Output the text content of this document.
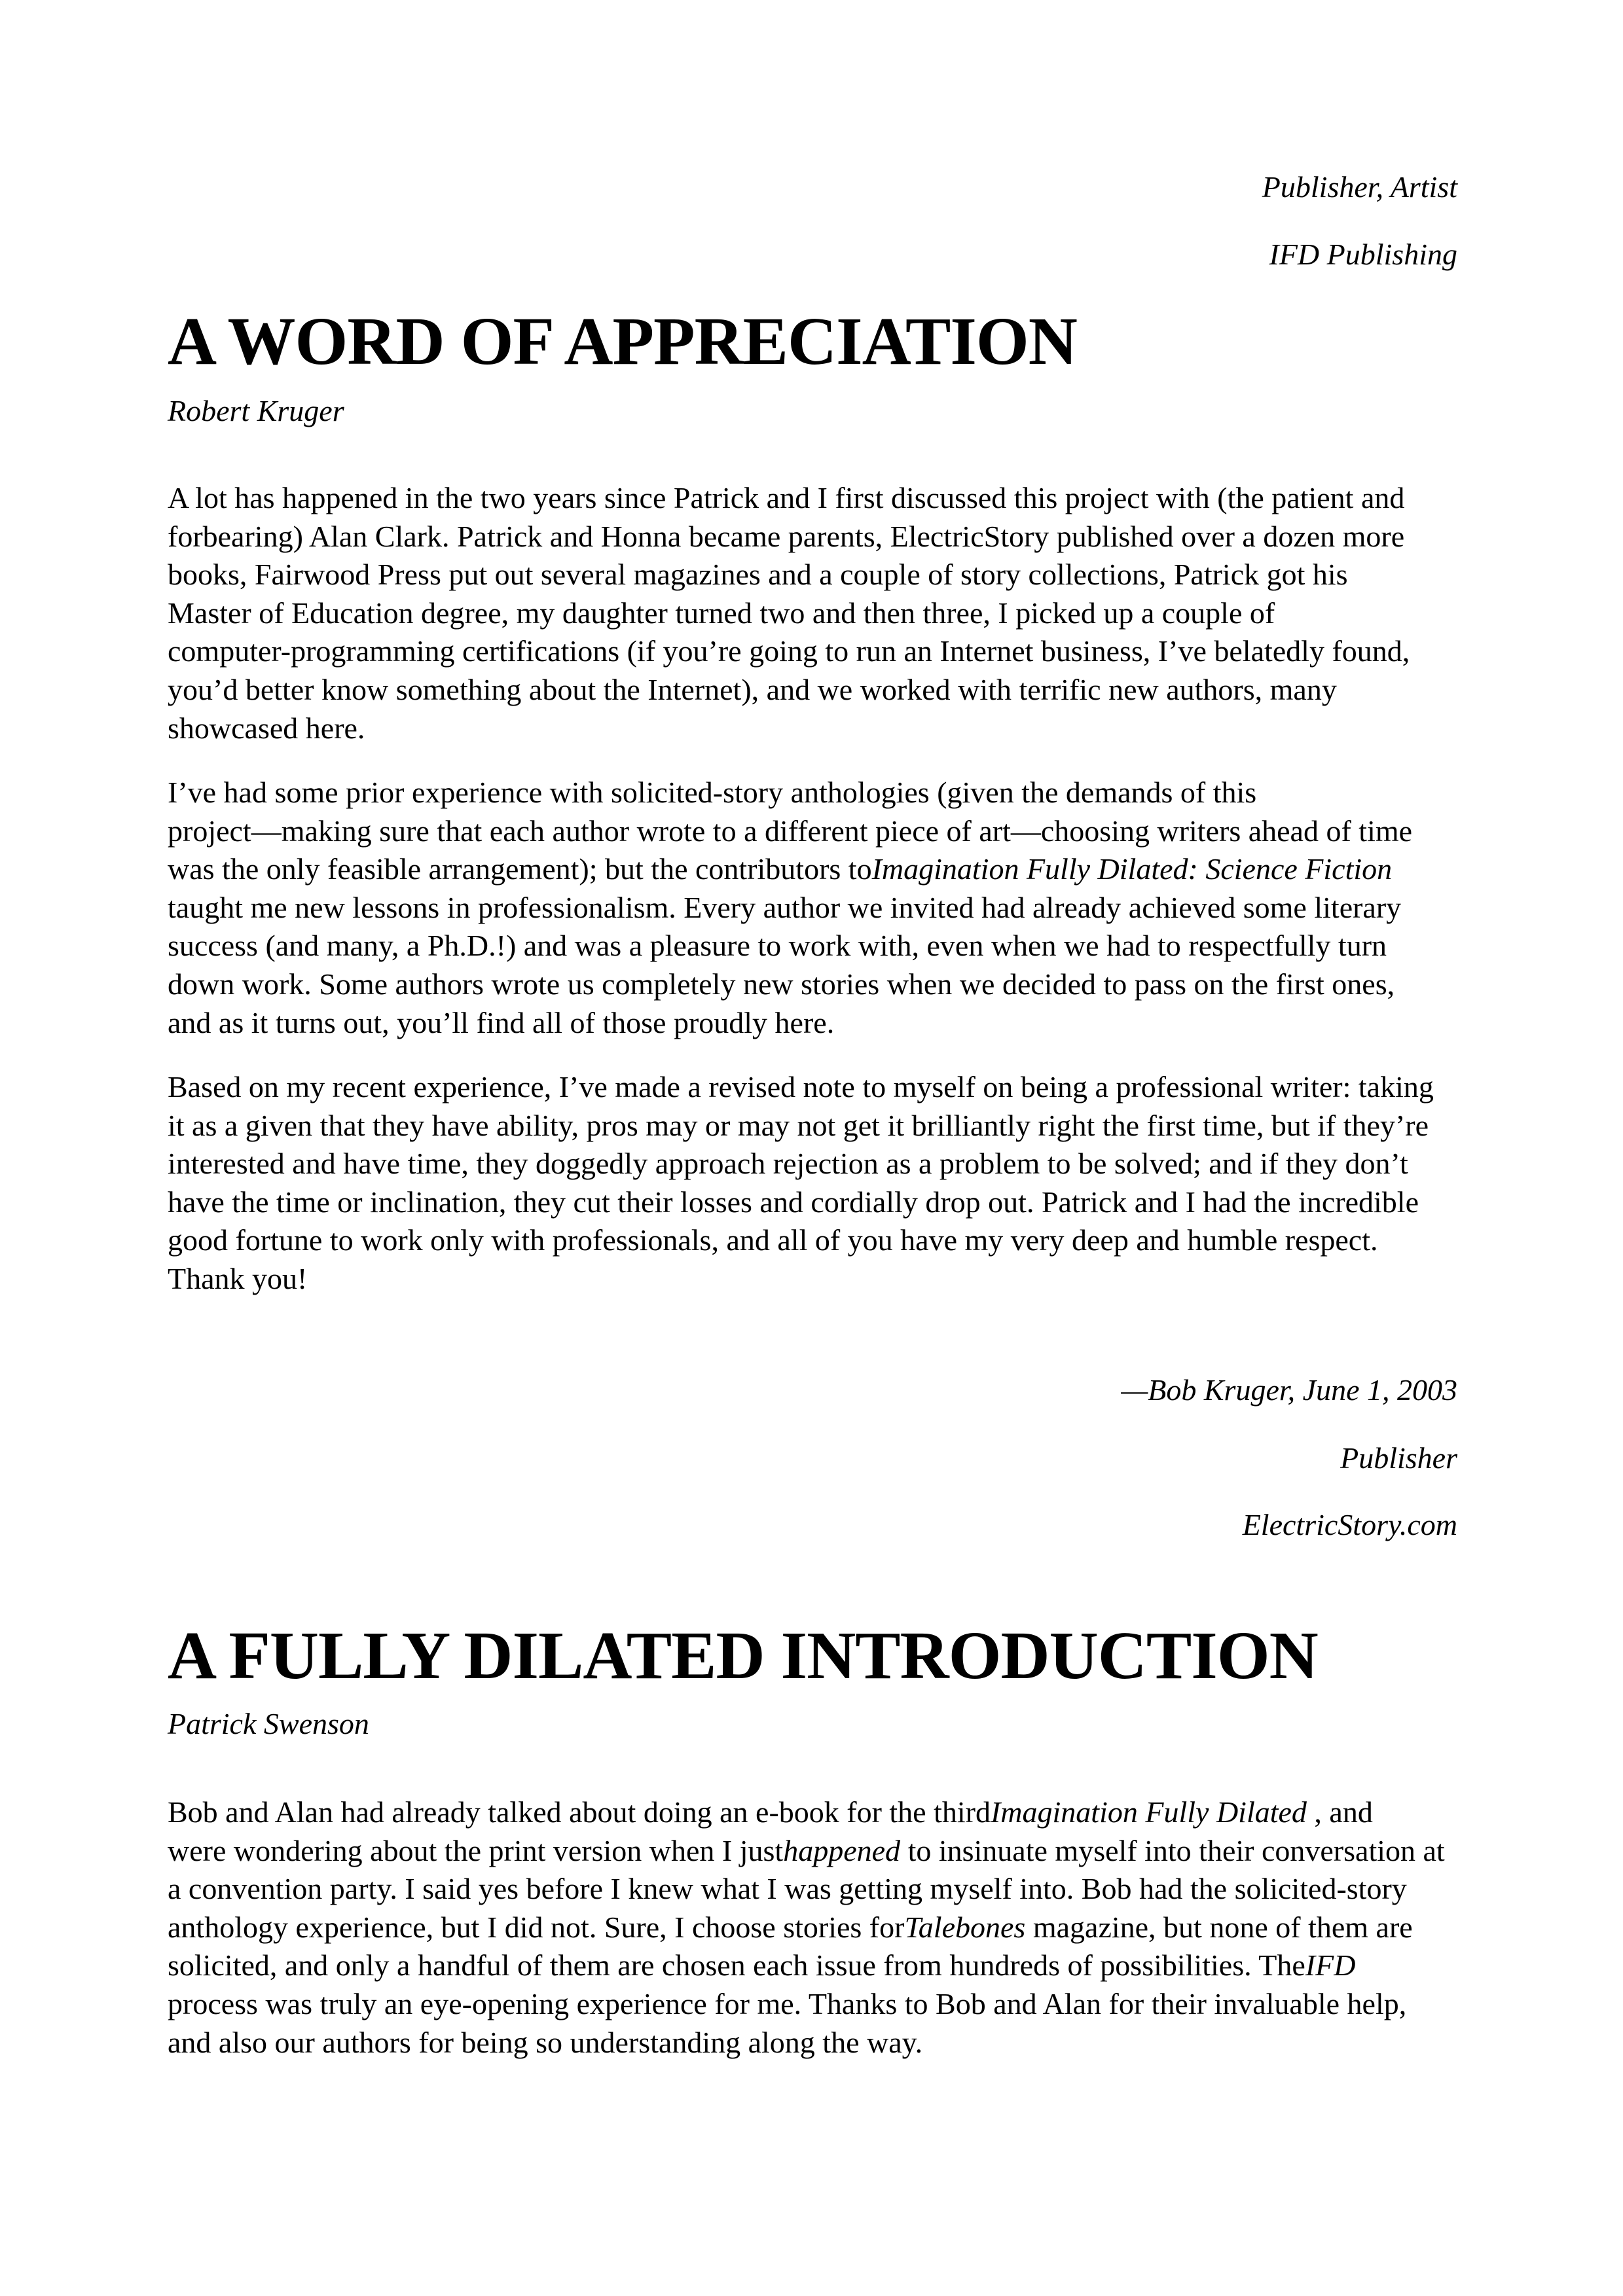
Publisher, Artist
IFD Publishing
A WORD OF APPRECIATION
Robert Kruger
A lot has happened in the two years since Patrick and I first discussed this project with (the patient and
forbearing) Alan Clark. Patrick and Honna became parents, ElectricStory published over a dozen more
books, Fairwood Press put out several magazines and a couple of story collections, Patrick got his
Master of Education degree, my daughter turned two and then three, I picked up a couple of
computer-programming certifications (if you’re going to run an Internet business, I’ve belatedly found,
you’d better know something about the Internet), and we worked with terrific new authors, many
showcased here.
I’ve had some prior experience with solicited-story anthologies (given the demands of this
project—making sure that each author wrote to a different piece of art—choosing writers ahead of time
was the only feasible arrangement); but the contributors toImagination Fully Dilated: Science Fiction
taught me new lessons in professionalism. Every author we invited had already achieved some literary
success (and many, a Ph.D.!) and was a pleasure to work with, even when we had to respectfully turn
down work. Some authors wrote us completely new stories when we decided to pass on the first ones,
and as it turns out, you’ll find all of those proudly here.
Based on my recent experience, I’ve made a revised note to myself on being a professional writer: taking
it as a given that they have ability, pros may or may not get it brilliantly right the first time, but if they’re
interested and have time, they doggedly approach rejection as a problem to be solved; and if they don’t
have the time or inclination, they cut their losses and cordially drop out. Patrick and I had the incredible
good fortune to work only with professionals, and all of you have my very deep and humble respect.
Thank you!
—Bob Kruger, June 1, 2003
Publisher
ElectricStory.com
A FULLY DILATED INTRODUCTION
Patrick Swenson
Bob and Alan had already talked about doing an e-book for the thirdImagination Fully Dilated , and
were wondering about the print version when I justhappened to insinuate myself into their conversation at
a convention party. I said yes before I knew what I was getting myself into. Bob had the solicited-story
anthology experience, but I did not. Sure, I choose stories forTalebones magazine, but none of them are
solicited, and only a handful of them are chosen each issue from hundreds of possibilities. TheIFD
process was truly an eye-opening experience for me. Thanks to Bob and Alan for their invaluable help,
and also our authors for being so understanding along the way.
